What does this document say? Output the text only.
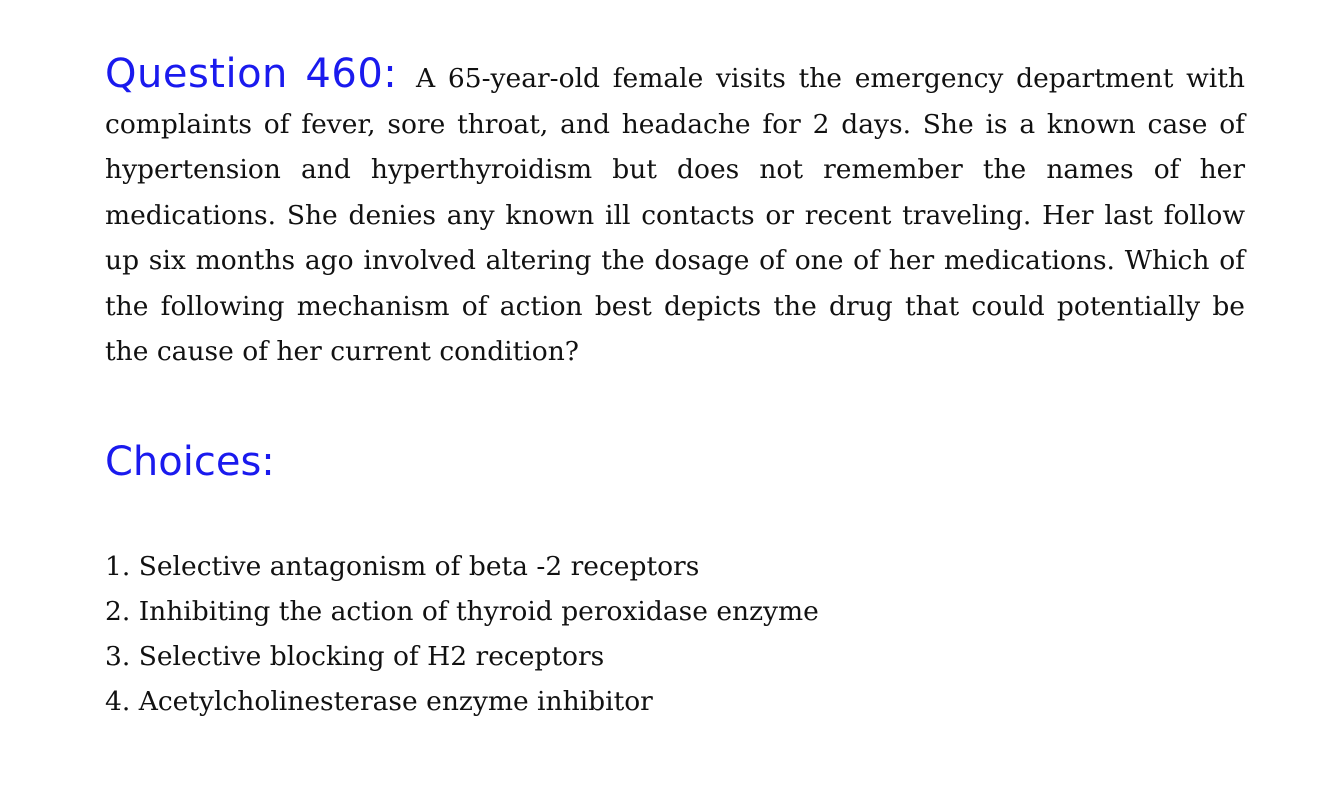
Question 460: A 65-year-old female visits the emergency department with complaints of fever, sore throat, and headache for 2 days. She is a known case of hypertension and hyperthyroidism but does not remember the names of her medications. She denies any known ill contacts or recent traveling. Her last follow up six months ago involved altering the dosage of one of her medications. Which of the following mechanism of action best depicts the drug that could potentially be the cause of her current condition?

Choices:
1. Selective antagonism of beta -2 receptors
2. Inhibiting the action of thyroid peroxidase enzyme
3. Selective blocking of H2 receptors
4. Acetylcholinesterase enzyme inhibitor
